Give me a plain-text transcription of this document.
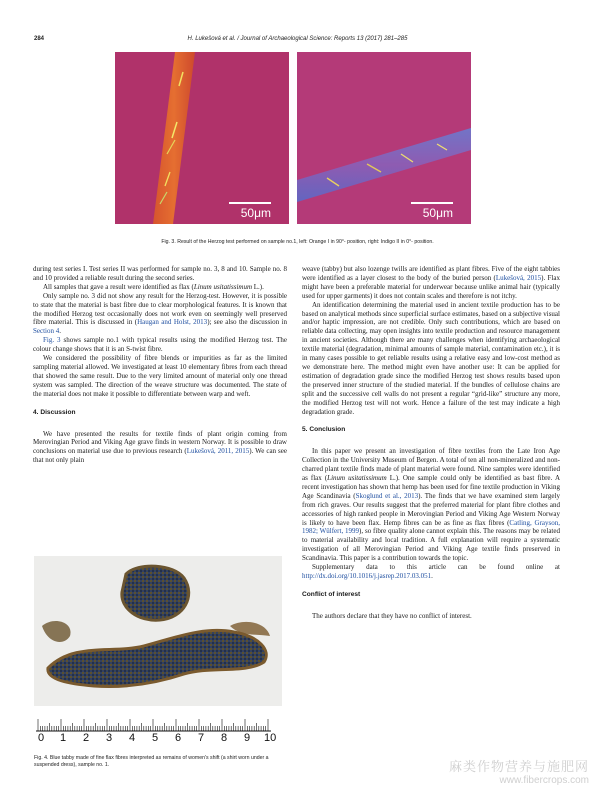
284	H. Lukešová et al. / Journal of Archaeological Science: Reports 13 (2017) 281–285
50μm	50μm
Fig. 3. Result of the Herzog test performed on sample no.1, left: Orange I in 90°- position, right: Indigo II in 0°- position.

during test series I. Test series II was performed for sample no. 3, 8 and 10. Sample no. 8 and 10 provided a reliable result during the second series.

All samples that gave a result were identified as flax (Linum usitatissimum L.).

Only sample no. 3 did not show any result for the Herzog-test. However, it is possible to state that the material is bast fibre due to clear morphological features. It is known that the modified Herzog test occasionally does not work even on seemingly well preserved fibre material. This is discussed in (Haugan and Holst, 2013); see also the discussion in Section 4.

Fig. 3 shows sample no.1 with typical results using the modified Herzog test. The colour change shows that it is an S-twist fibre.

We considered the possibility of fibre blends or impurities as far as the limited sampling material allowed. We investigated at least 10 elementary fibres from each thread that showed the same result. Due to the very limited amount of material only one thread system was sampled. The direction of the weave structure was documented. The state of the material does not make it possible to differentiate between warp and weft.

4. Discussion

We have presented the results for textile finds of plant origin coming from Merovingian Period and Viking Age grave finds in western Norway. It is possible to draw conclusions on material use due to previous research (Lukešová, 2011, 2015). We can see that not only plain

0 1 2 3 4 5 6 7 8 9 10
Fig. 4. Blue tabby made of fine flax fibres interpreted as remains of women's shift (a shirt worn under a suspended dress), sample no. 1.

weave (tabby) but also lozenge twills are identified as plant fibres. Five of the eight tabbies were identified as a layer closest to the body of the buried person (Lukešová, 2015). Flax might have been a preferable material for underwear because unlike animal hair (typically used for upper garments) it does not contain scales and therefore is not itchy.

An identification determining the material used in ancient textile production has to be based on analytical methods since superficial surface estimates, based on a subjective visual and/or haptic impression, are not credible. Only such contributions, which are based on reliable data collecting, may open insights into textile production and resource management in ancient societies. Although there are many challenges when identifying archaeological textile material (degradation, minimal amounts of sample material, contamination etc.), it is in many cases possible to get reliable results using a relative easy and low-cost method as we demonstrate here. The method might even have another use: It can be applied for estimation of degradation grade since the modified Herzog test shows results based upon the preserved inner structure of the studied material. If the bundles of cellulose chains are split and the successive cell walls do not present a regular “grid-like” structure any more, the modified Herzog test will not work. Hence a failure of the test may indicate a high degradation grade.

5. Conclusion

In this paper we present an investigation of fibre textiles from the Late Iron Age Collection in the University Museum of Bergen. A total of ten all non-mineralized and non-charred plant textile finds made of plant material were found. Nine samples were identified as flax (Linum usitatissimum L.). One sample could only be identified as bast fibre. A recent investigation has shown that hemp has been used for fine textile production in Viking Age Scandinavia (Skoglund et al., 2013). The finds that we have examined stem largely from rich graves. Our results suggest that the preferred material for plant fibre clothes and accessories of high ranked people in Merovingian Period and Viking Age Western Norway is likely to have been flax. Hemp fibres can be as fine as flax fibres (Catling, Grayson, 1982; Wülfert, 1999), so fibre quality alone cannot explain this. The reasons may be related to material availability and local tradition. A full explanation will require a systematic investigation of all Merovingian Period and Viking Age textile finds preserved in Scandinavia. This paper is a contribution towards the topic.

Supplementary data to this article can be found online at http://dx.doi.org/10.1016/j.jasrep.2017.03.051.

Conflict of interest

The authors declare that they have no conflict of interest.

麻类作物营养与施肥网
www.fibercrops.com
